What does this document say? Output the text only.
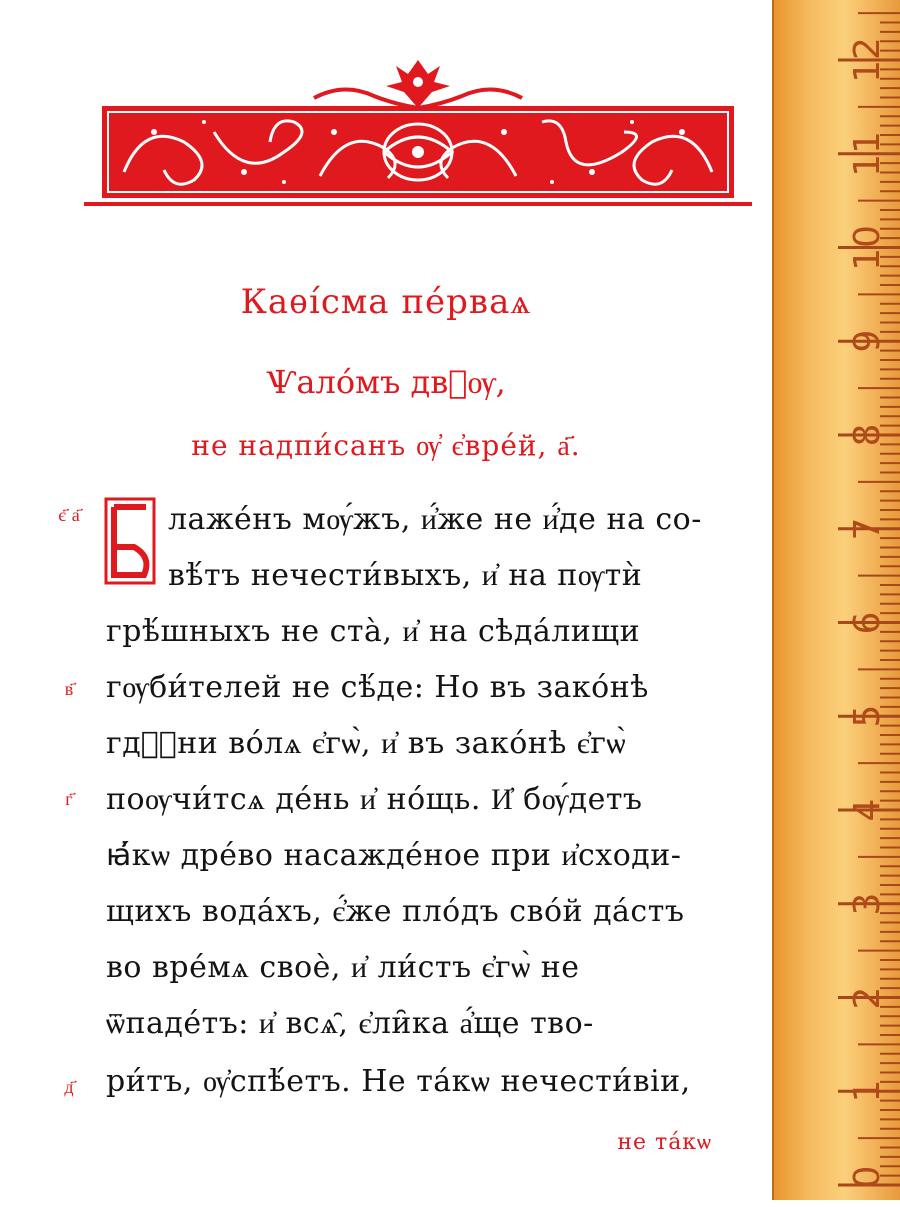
Каѳі́сма пе́рваѧ
Ѱало́мъ двⷣѹ,
не надпи́санъ ѹ҆ є҆вре́й, а҃.
є҃ а҃
в҃
г҃
д҃
лаже́нъ мѹ́жъ, и҆́же не и҆́де на со-
вѣ́тъ нечести́выхъ, и҆ на пѹтѝ
грѣ́шныхъ не ста̀, и҆ на сѣда́лищи
гѹби́телей не сѣ́де: Но въ зако́нѣ
гдⷭ҇ни во́лѧ є҆гѡ̀, и҆ въ зако́нѣ є҆гѡ̀
поѹчи́тсѧ де́нь и҆ но́щь. И҆ бѹ́детъ
ꙗ҆́кѡ дре́во насажде́ное при и҆сходи-
щихъ вода́хъ, є҆́же пло́дъ сво́й да́стъ
во вре́мѧ своѐ, и҆ ли́стъ є҆гѡ̀ не
ѿпаде́тъ: и҆ всѧ̑, є҆ли̑ка а҆́ще тво-
ри́тъ, ѹ҆спѣ́етъ. Не та́кѡ нечести́віи,
не та́кѡ
0
1
2
3
4
5
6
7
8
9
10
11
12
